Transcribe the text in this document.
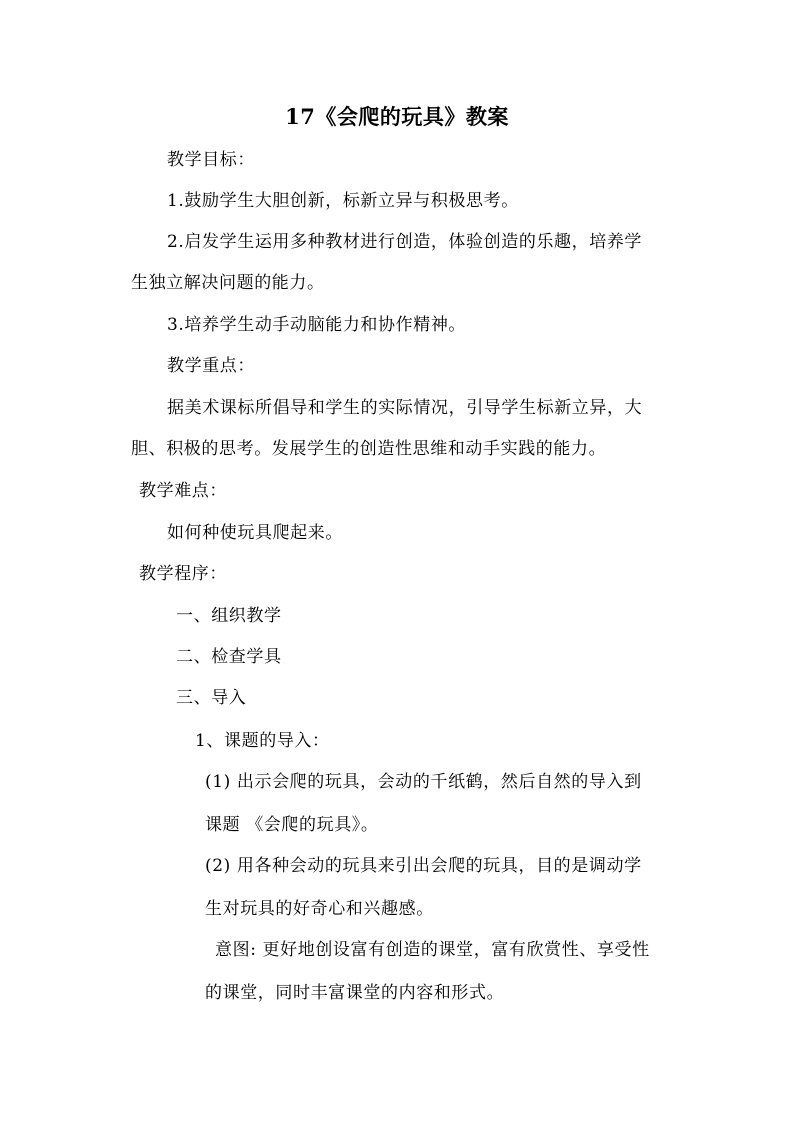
17《会爬的玩具》教案
教学目标：
1.鼓励学生大胆创新，标新立异与积极思考。
2.启发学生运用多种教材进行创造，体验创造的乐趣，培养学
生独立解决问题的能力。
3.培养学生动手动脑能力和协作精神。
教学重点：
据美术课标所倡导和学生的实际情况，引导学生标新立异，大
胆、积极的思考。发展学生的创造性思维和动手实践的能力。
教学难点：
如何种使玩具爬起来。
教学程序：
一、组织教学
二、检查学具
三、导入
1、课题的导入：
(1) 出示会爬的玩具，会动的千纸鹤，然后自然的导入到
课题 《会爬的玩具》。
(2) 用各种会动的玩具来引出会爬的玩具，目的是调动学
生对玩具的好奇心和兴趣感。
意图: 更好地创设富有创造的课堂，富有欣赏性、享受性
的课堂，同时丰富课堂的内容和形式。
